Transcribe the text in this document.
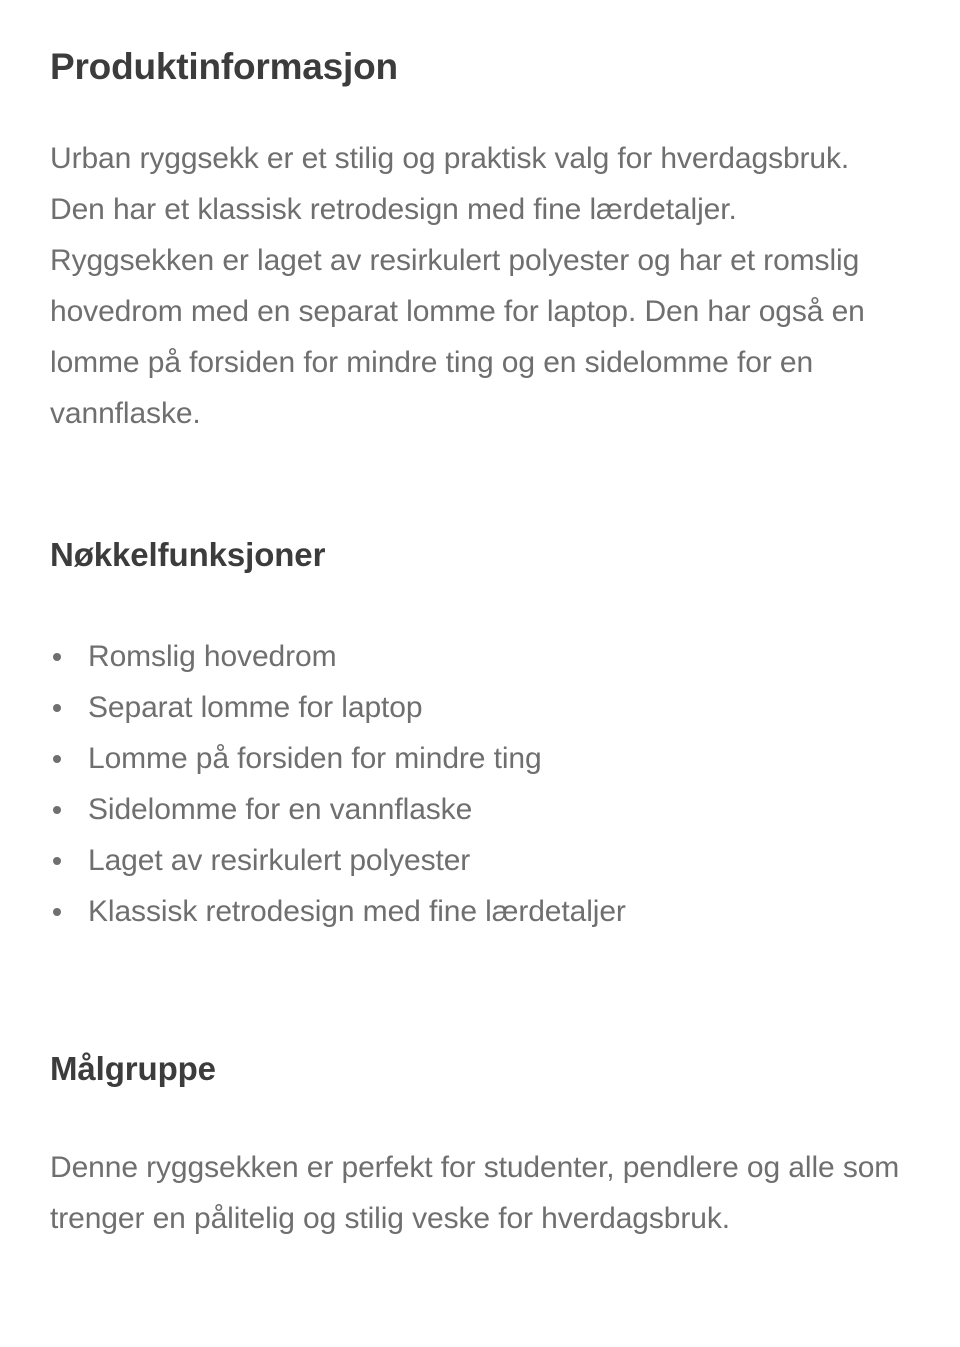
Produktinformasjon

Urban ryggsekk er et stilig og praktisk valg for hverdagsbruk. Den har et klassisk retrodesign med fine lærdetaljer. Ryggsekken er laget av resirkulert polyester og har et romslig hovedrom med en separat lomme for laptop. Den har også en lomme på forsiden for mindre ting og en sidelomme for en vannflaske.

Nøkkelfunksjoner
Romslig hovedrom
Separat lomme for laptop
Lomme på forsiden for mindre ting
Sidelomme for en vannflaske
Laget av resirkulert polyester
Klassisk retrodesign med fine lærdetaljer
Målgruppe

Denne ryggsekken er perfekt for studenter, pendlere og alle som trenger en pålitelig og stilig veske for hverdagsbruk.
